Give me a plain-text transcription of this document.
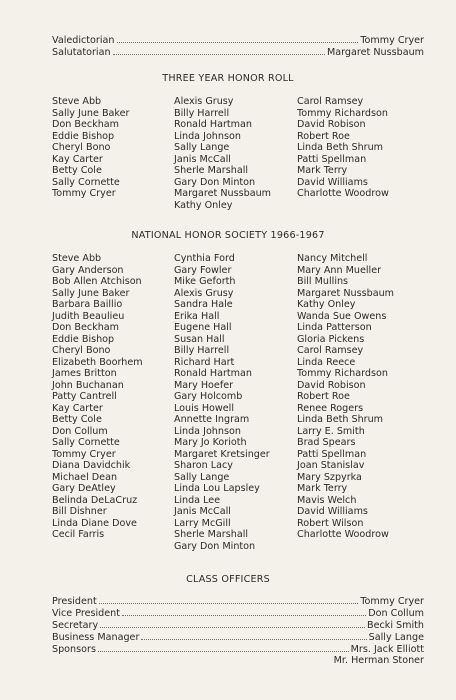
Valedictorian	Tommy Cryer
Salutatorian	Margaret Nussbaum
THREE YEAR HONOR ROLL
Steve Abb
Sally June Baker
Don Beckham
Eddie Bishop
Cheryl Bono
Kay Carter
Betty Cole
Sally Cornette
Tommy Cryer
Alexis Grusy
Billy Harrell
Ronald Hartman
Linda Johnson
Sally Lange
Janis McCall
Sherle Marshall
Gary Don Minton
Margaret Nussbaum
Kathy Onley
Carol Ramsey
Tommy Richardson
David Robison
Robert Roe
Linda Beth Shrum
Patti Spellman
Mark Terry
David Williams
Charlotte Woodrow
NATIONAL HONOR SOCIETY 1966-1967
Steve Abb
Gary Anderson
Bob Allen Atchison
Sally June Baker
Barbara Baillio
Judith Beaulieu
Don Beckham
Eddie Bishop
Cheryl Bono
Elizabeth Boorhem
James Britton
John Buchanan
Patty Cantrell
Kay Carter
Betty Cole
Don Collum
Sally Cornette
Tommy Cryer
Diana Davidchik
Michael Dean
Gary DeAtley
Belinda DeLaCruz
Bill Dishner
Linda Diane Dove
Cecil Farris
Cynthia Ford
Gary Fowler
Mike Geforth
Alexis Grusy
Sandra Hale
Erika Hall
Eugene Hall
Susan Hall
Billy Harrell
Richard Hart
Ronald Hartman
Mary Hoefer
Gary Holcomb
Louis Howell
Annette Ingram
Linda Johnson
Mary Jo Korioth
Margaret Kretsinger
Sharon Lacy
Sally Lange
Linda Lou Lapsley
Linda Lee
Janis McCall
Larry McGill
Sherle Marshall
Gary Don Minton
Nancy Mitchell
Mary Ann Mueller
Bill Mullins
Margaret Nussbaum
Kathy Onley
Wanda Sue Owens
Linda Patterson
Gloria Pickens
Carol Ramsey
Linda Reece
Tommy Richardson
David Robison
Robert Roe
Renee Rogers
Linda Beth Shrum
Larry E. Smith
Brad Spears
Patti Spellman
Joan Stanislav
Mary Szpyrka
Mark Terry
Mavis Welch
David Williams
Robert Wilson
Charlotte Woodrow
CLASS OFFICERS
President	Tommy Cryer
Vice President	Don Collum
Secretary	Becki Smith
Business Manager	Sally Lange
Sponsors	Mrs. Jack Elliott
Mr. Herman Stoner
